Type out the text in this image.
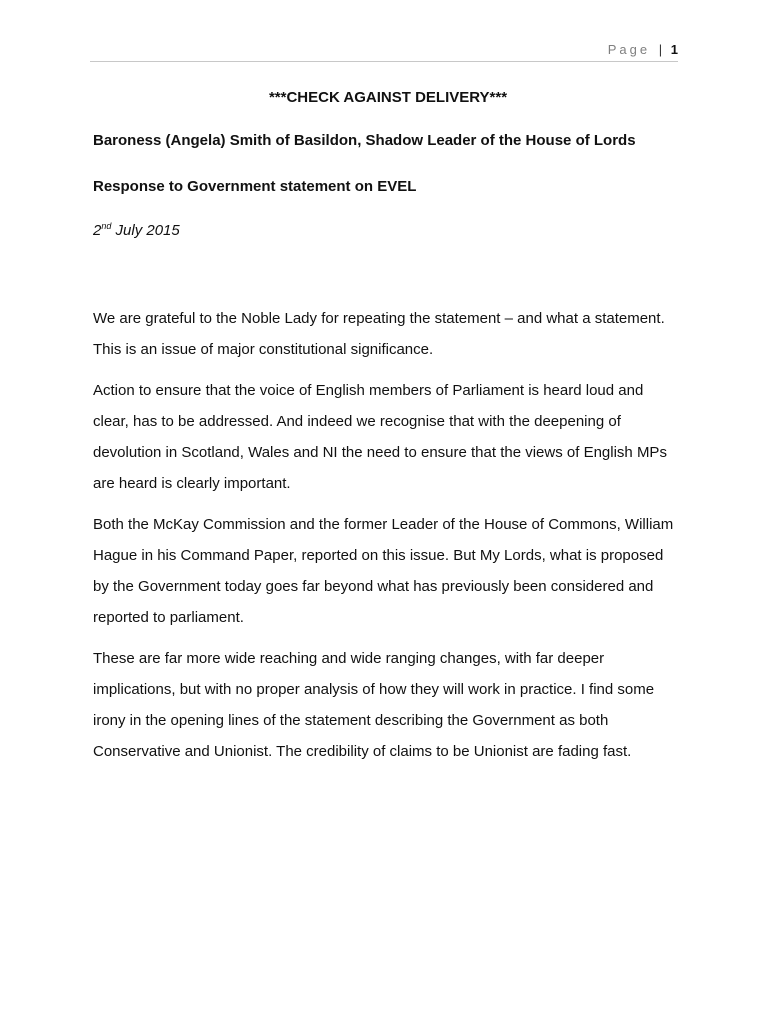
Page | 1

***CHECK AGAINST DELIVERY***

Baroness (Angela) Smith of Basildon, Shadow Leader of the House of Lords

Response to Government statement on EVEL

2nd July 2015

We are grateful to the Noble Lady for repeating the statement – and what a statement. This is an issue of major constitutional significance.

Action to ensure that the voice of English members of Parliament is heard loud and clear, has to be addressed. And indeed we recognise that with the deepening of devolution in Scotland, Wales and NI the need to ensure that the views of English MPs are heard is clearly important.

Both the McKay Commission and the former Leader of the House of Commons, William Hague in his Command Paper, reported on this issue. But My Lords, what is proposed by the Government today goes far beyond what has previously been considered and reported to parliament.

These are far more wide reaching and wide ranging changes, with far deeper implications, but with no proper analysis of how they will work in practice. I find some irony in the opening lines of the statement describing the Government as both Conservative and Unionist. The credibility of claims to be Unionist are fading fast.
